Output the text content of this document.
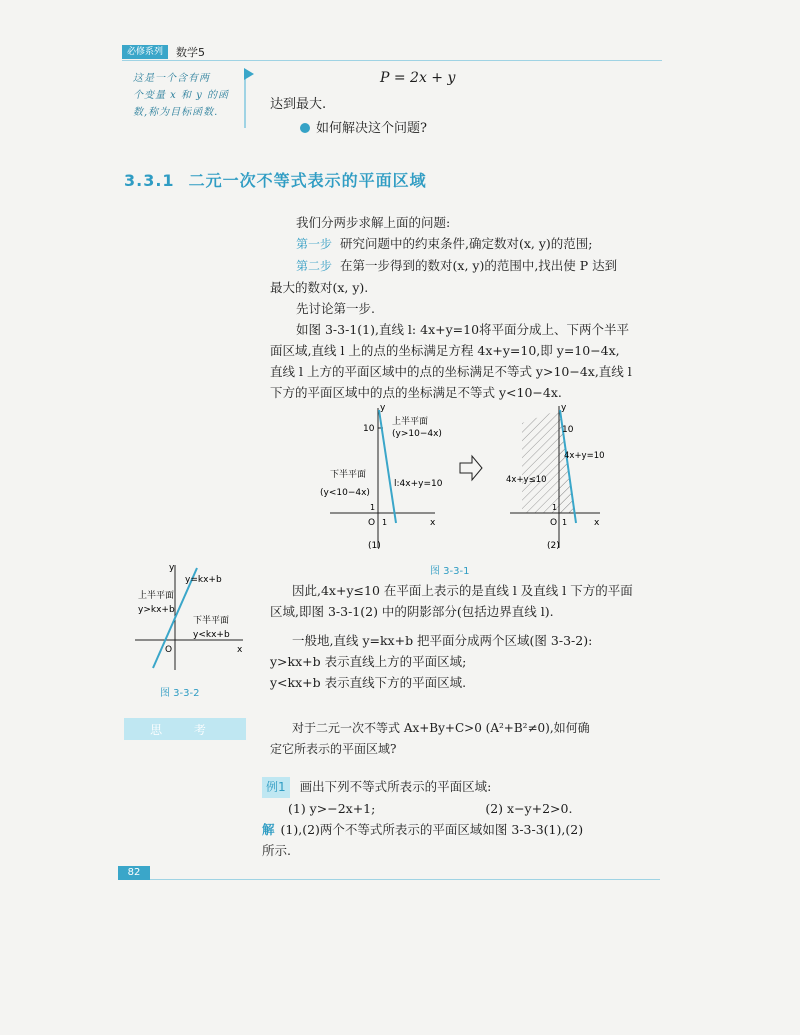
必修系列	数学5
这是一个含有两
个变量 x 和 y 的函
数,称为目标函数.
P = 2x + y
达到最大.
如何解决这个问题?
3.3.1 二元一次不等式表示的平面区域
我们分两步求解上面的问题:
第一步 研究问题中的约束条件,确定数对(x, y)的范围;
第二步 在第一步得到的数对(x, y)的范围中,找出使 P 达到
最大的数对(x, y).
先讨论第一步.
如图 3-3-1(1),直线 l: 4x+y=10将平面分成上、下两个半平
面区域,直线 l 上的点的坐标满足方程 4x+y=10,即 y=10−4x,
直线 l 上方的平面区域中的点的坐标满足不等式 y>10−4x,直线 l
下方的平面区域中的点的坐标满足不等式 y<10−4x.
y
x
O
10
1
1
上半平面
(y>10−4x)
下半平面
(y<10−4x)
l:4x+y=10
(1)
y
x
O
10
1
1
4x+y=10
4x+y≤10
(2)
图 3-3-1
y
x
O
y=kx+b
上半平面
y>kx+b
下半平面
y<kx+b
图 3-3-2
因此,4x+y≤10 在平面上表示的是直线 l 及直线 l 下方的平面
区域,即图 3-3-1(2) 中的阴影部分(包括边界直线 l).
一般地,直线 y=kx+b 把平面分成两个区域(图 3-3-2):
y>kx+b 表示直线上方的平面区域;
y<kx+b 表示直线下方的平面区域.
思 考	对于二元一次不等式 Ax+By+C>0 (A²+B²≠0),如何确
定它所表示的平面区域?
例1 画出下列不等式所表示的平面区域:
(1) y>−2x+1;	(2) x−y+2>0.
解 (1),(2)两个不等式所表示的平面区域如图 3-3-3(1),(2)
所示.
82
